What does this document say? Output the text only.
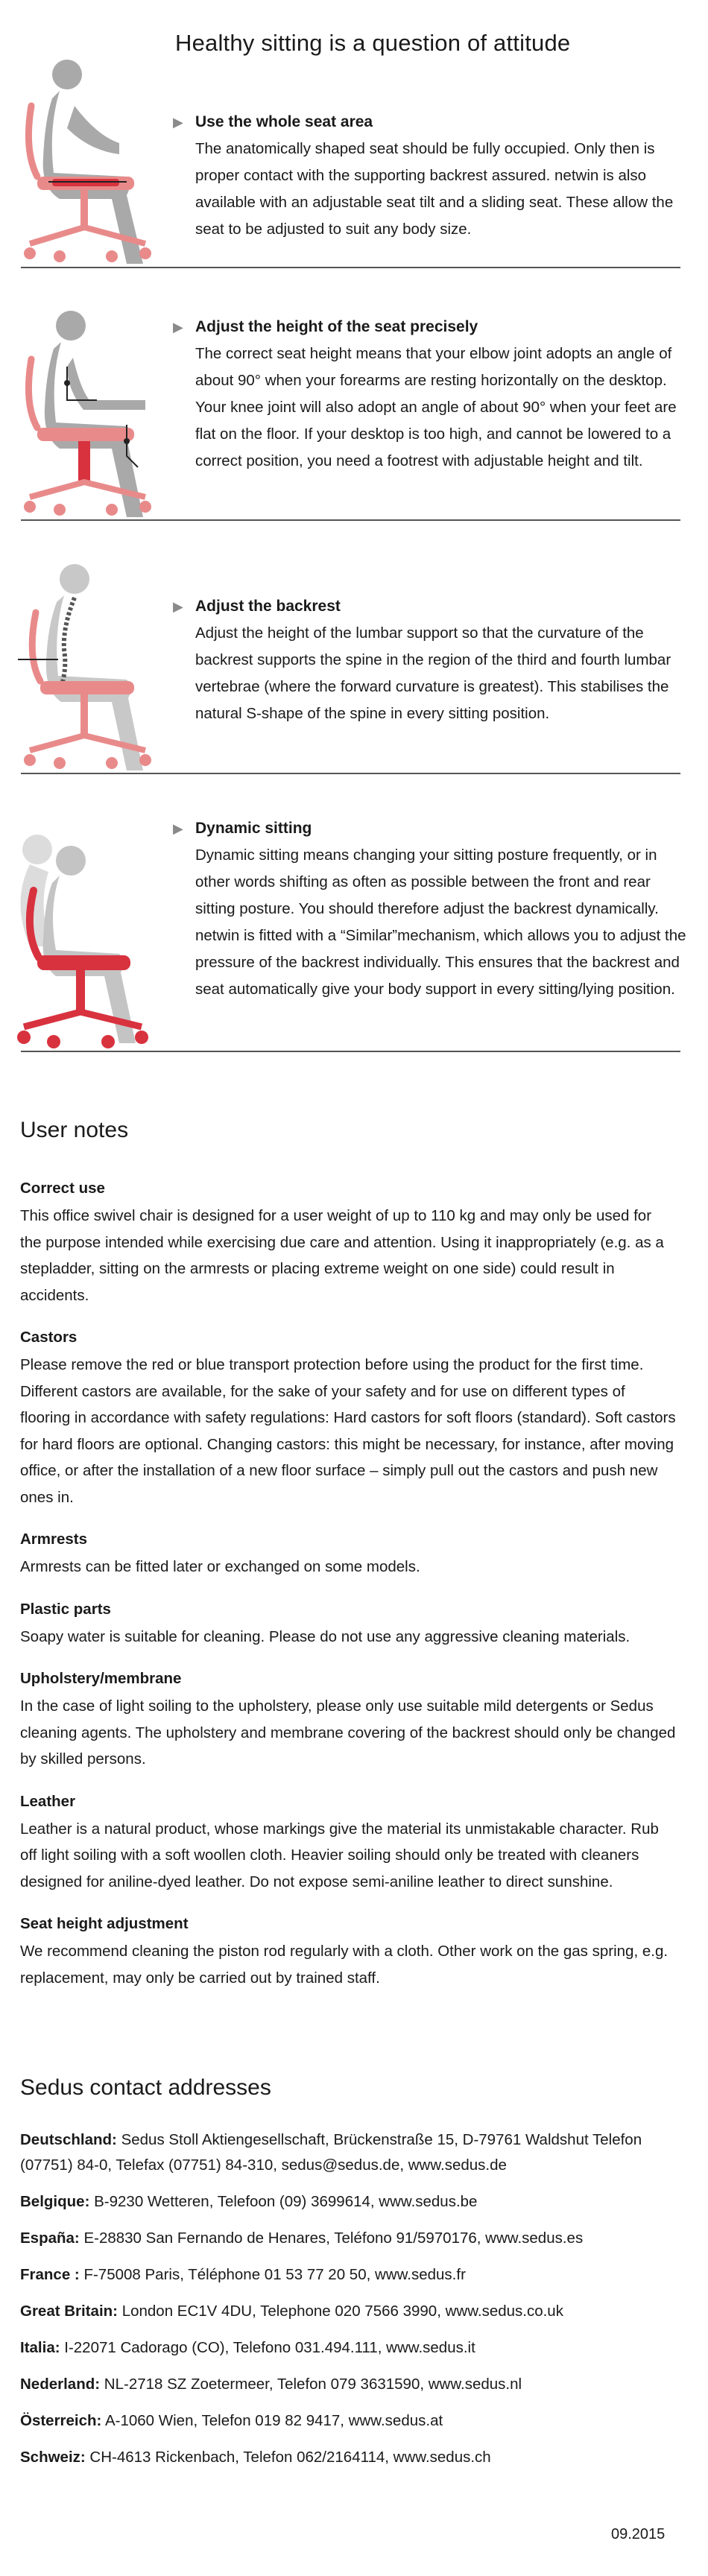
Healthy sitting is a question of attitude
▶ Use the whole seat area

The anatomically shaped seat should be fully occupied. Only then is proper contact with the supporting backrest assured. netwin is also available with an adjustable seat tilt and a sliding seat. These allow the seat to be adjusted to suit any body size.

▶ Adjust the height of the seat precisely

The correct seat height means that your elbow joint adopts an angle of about 90° when your forearms are resting horizontally on the desktop. Your knee joint will also adopt an angle of about 90° when your feet are flat on the floor. If your desktop is too high, and cannot be lowered to a correct position, you need a footrest with adjustable height and tilt.

▶ Adjust the backrest

Adjust the height of the lumbar support so that the curvature of the backrest supports the spine in the region of the third and fourth lumbar vertebrae (where the forward curvature is greatest). This stabilises the natural S-shape of the spine in every sitting position.

▶ Dynamic sitting

Dynamic sitting means changing your sitting posture frequently, or in other words shifting as often as possible between the front and rear sitting posture. You should therefore adjust the backrest dynamically. netwin is fitted with a “Similar”mechanism, which allows you to adjust the pressure of the backrest individually. This ensures that the backrest and seat automatically give your body support in every sitting/lying position.

User notes
Correct use

This office swivel chair is designed for a user weight of up to 110 kg and may only be used for the purpose intended while exercising due care and attention. Using it inappropriately (e.g. as a stepladder, sitting on the armrests or placing extreme weight on one side) could result in accidents.

Castors

Please remove the red or blue transport protection before using the product for the first time. Different castors are available, for the sake of your safety and for use on different types of flooring in accordance with safety regulations: Hard castors for soft floors (standard). Soft castors for hard floors are optional. Changing castors: this might be necessary, for instance, after moving office, or after the installation of a new floor surface – simply pull out the castors and push new ones in.

Armrests

Armrests can be fitted later or exchanged on some models.

Plastic parts

Soapy water is suitable for cleaning. Please do not use any aggressive cleaning materials.

Upholstery/membrane

In the case of light soiling to the upholstery, please only use suitable mild detergents or Sedus cleaning agents. The upholstery and membrane covering of the backrest should only be changed by skilled persons.

Leather

Leather is a natural product, whose markings give the material its unmistakable character. Rub off light soiling with a soft woollen cloth. Heavier soiling should only be treated with cleaners designed for aniline-dyed leather. Do not expose semi-aniline leather to direct sunshine.

Seat height adjustment

We recommend cleaning the piston rod regularly with a cloth. Other work on the gas spring, e.g. replacement, may only be carried out by trained staff.

Sedus contact addresses
Deutschland: Sedus Stoll Aktiengesellschaft, Brückenstraße 15, D-79761 Waldshut Telefon (07751) 84-0, Telefax (07751) 84-310, sedus@sedus.de, www.sedus.de
Belgique: B-9230 Wetteren, Telefoon (09) 3699614, www.sedus.be
España: E-28830 San Fernando de Henares, Teléfono 91/5970176, www.sedus.es
France : F-75008 Paris, Téléphone 01 53 77 20 50, www.sedus.fr
Great Britain: London EC1V 4DU, Telephone 020 7566 3990, www.sedus.co.uk
Italia: I-22071 Cadorago (CO), Telefono 031.494.111, www.sedus.it
Nederland: NL-2718 SZ Zoetermeer, Telefon 079 3631590, www.sedus.nl
Österreich: A-1060 Wien, Telefon 019 82 9417, www.sedus.at
Schweiz: CH-4613 Rickenbach, Telefon 062/2164114, www.sedus.ch
09.2015
